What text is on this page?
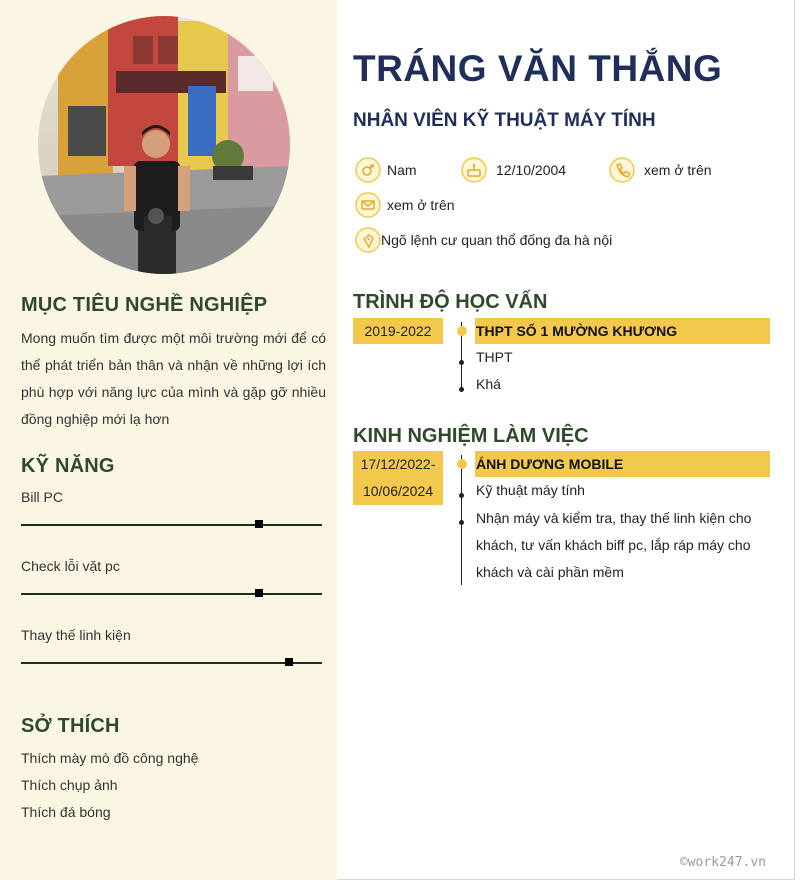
MỤC TIÊU NGHỀ NGHIỆP
Mong muốn tìm được một môi trường mới để có thể phát triển bản thân và nhận về những lợi ích phù hợp với năng lực của mình và gặp gỡ nhiều đồng nghiệp mới lạ hơn
KỸ NĂNG
Bill PC
Check lỗi vặt pc
Thay thế linh kiện
SỞ THÍCH
Thích mày mò đồ công nghệ
Thích chụp ảnh
Thích đá bóng
TRÁNG VĂN THẮNG
NHÂN VIÊN KỸ THUẬT MÁY TÍNH
Nam	12/10/2004	xem ở trên
xem ở trên
Ngõ lệnh cư quan thổ đống đa hà nội
TRÌNH ĐỘ HỌC VẤN
2019-2022	THPT SỐ 1 MƯỜNG KHƯƠNG
THPT
Khá
KINH NGHIỆM LÀM VIỆC
17/12/2022-
10/06/2024
ÁNH DƯƠNG MOBILE
Kỹ thuật máy tính
Nhận máy và kiểm tra, thay thế linh kiện cho khách, tư vấn khách biff pc, lắp ráp máy cho khách và cài phần mềm
©work247.vn
